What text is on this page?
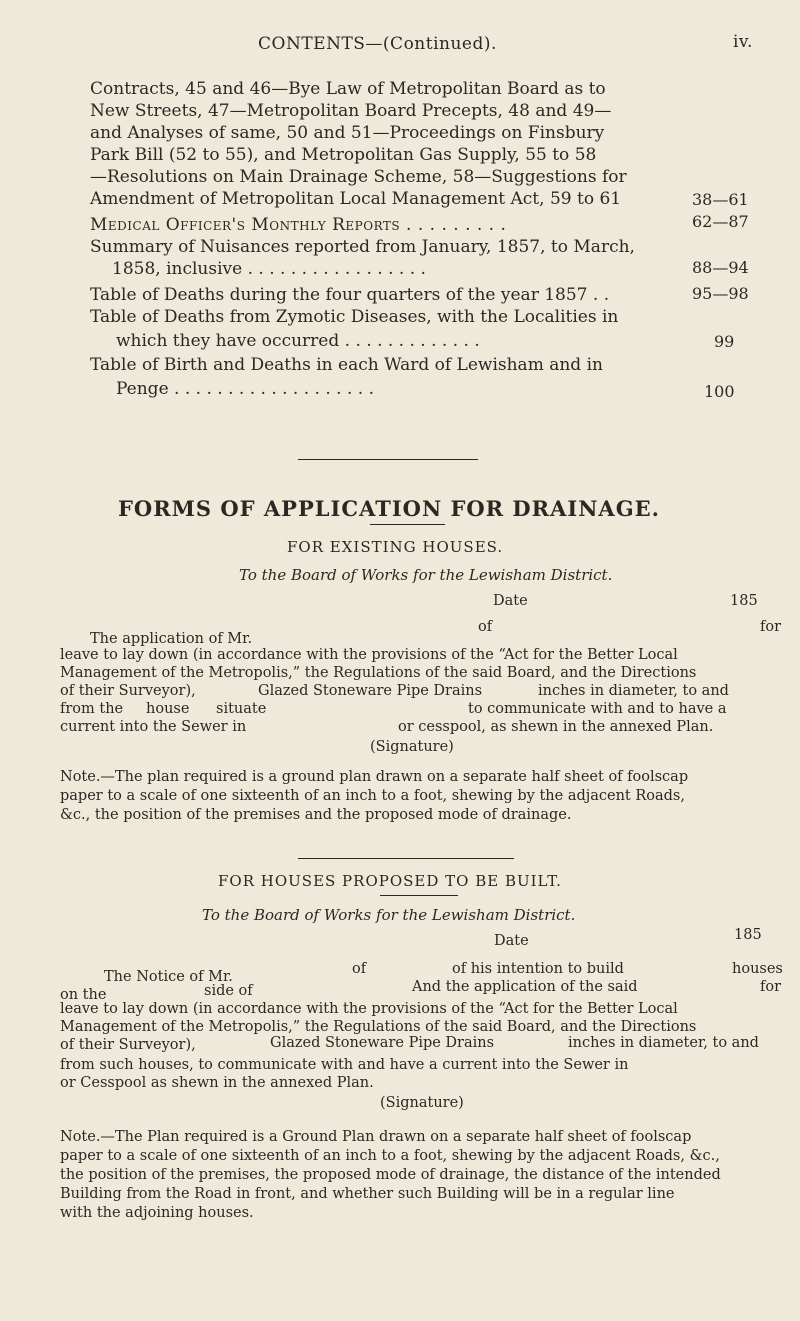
CONTENTS—(Continued).	iv.
Contracts, 45 and 46—Bye Law of Metropolitan Board as to
New Streets, 47—Metropolitan Board Precepts, 48 and 49—
and Analyses of same, 50 and 51—Proceedings on Finsbury
Park Bill (52 to 55), and Metropolitan Gas Supply, 55 to 58
—Resolutions on Main Drainage Scheme, 58—Suggestions for
Amendment of Metropolitan Local Management Act, 59 to 61	38—61
Medical Officer's Monthly Reports . . . . . . . . .	62—87
Summary of Nuisances reported from January, 1857, to March,
1858, inclusive . . . . . . . . . . . . . . . . .	88—94
Table of Deaths during the four quarters of the year 1857 . .	95—98
Table of Deaths from Zymotic Diseases, with the Localities in
which they have occurred . . . . . . . . . . . . .	99
Table of Birth and Deaths in each Ward of Lewisham and in
Penge . . . . . . . . . . . . . . . . . . .	100
FORMS OF APPLICATION FOR DRAINAGE.
FOR EXISTING HOUSES.
To the Board of Works for the Lewisham District.
Date	185
of	for
The application of Mr.
leave to lay down (in accordance with the provisions of the “Act for the Better Local
Management of the Metropolis,” the Regulations of the said Board, and the Directions
of their Surveyor),	Glazed Stoneware Pipe Drains	inches in diameter, to and
from the house situate	to communicate with and to have a
current into the Sewer in	or cesspool, as shewn in the annexed Plan.
(Signature)
Note.—The plan required is a ground plan drawn on a separate half sheet of foolscap
paper to a scale of one sixteenth of an inch to a foot, shewing by the adjacent Roads,
&c., the position of the premises and the proposed mode of drainage.
FOR HOUSES PROPOSED TO BE BUILT.
To the Board of Works for the Lewisham District.
Date	185
The Notice of Mr.	of	of his intention to build	houses
on the	side of	And the application of the said	for
leave to lay down (in accordance with the provisions of the “Act for the Better Local
Management of the Metropolis,” the Regulations of the said Board, and the Directions
of their Surveyor),	Glazed Stoneware Pipe Drains	inches in diameter, to and
from such houses, to communicate with and have a current into the Sewer in
or Cesspool as shewn in the annexed Plan.
(Signature)
Note.—The Plan required is a Ground Plan drawn on a separate half sheet of foolscap
paper to a scale of one sixteenth of an inch to a foot, shewing by the adjacent Roads, &c.,
the position of the premises, the proposed mode of drainage, the distance of the intended
Building from the Road in front, and whether such Building will be in a regular line
with the adjoining houses.
